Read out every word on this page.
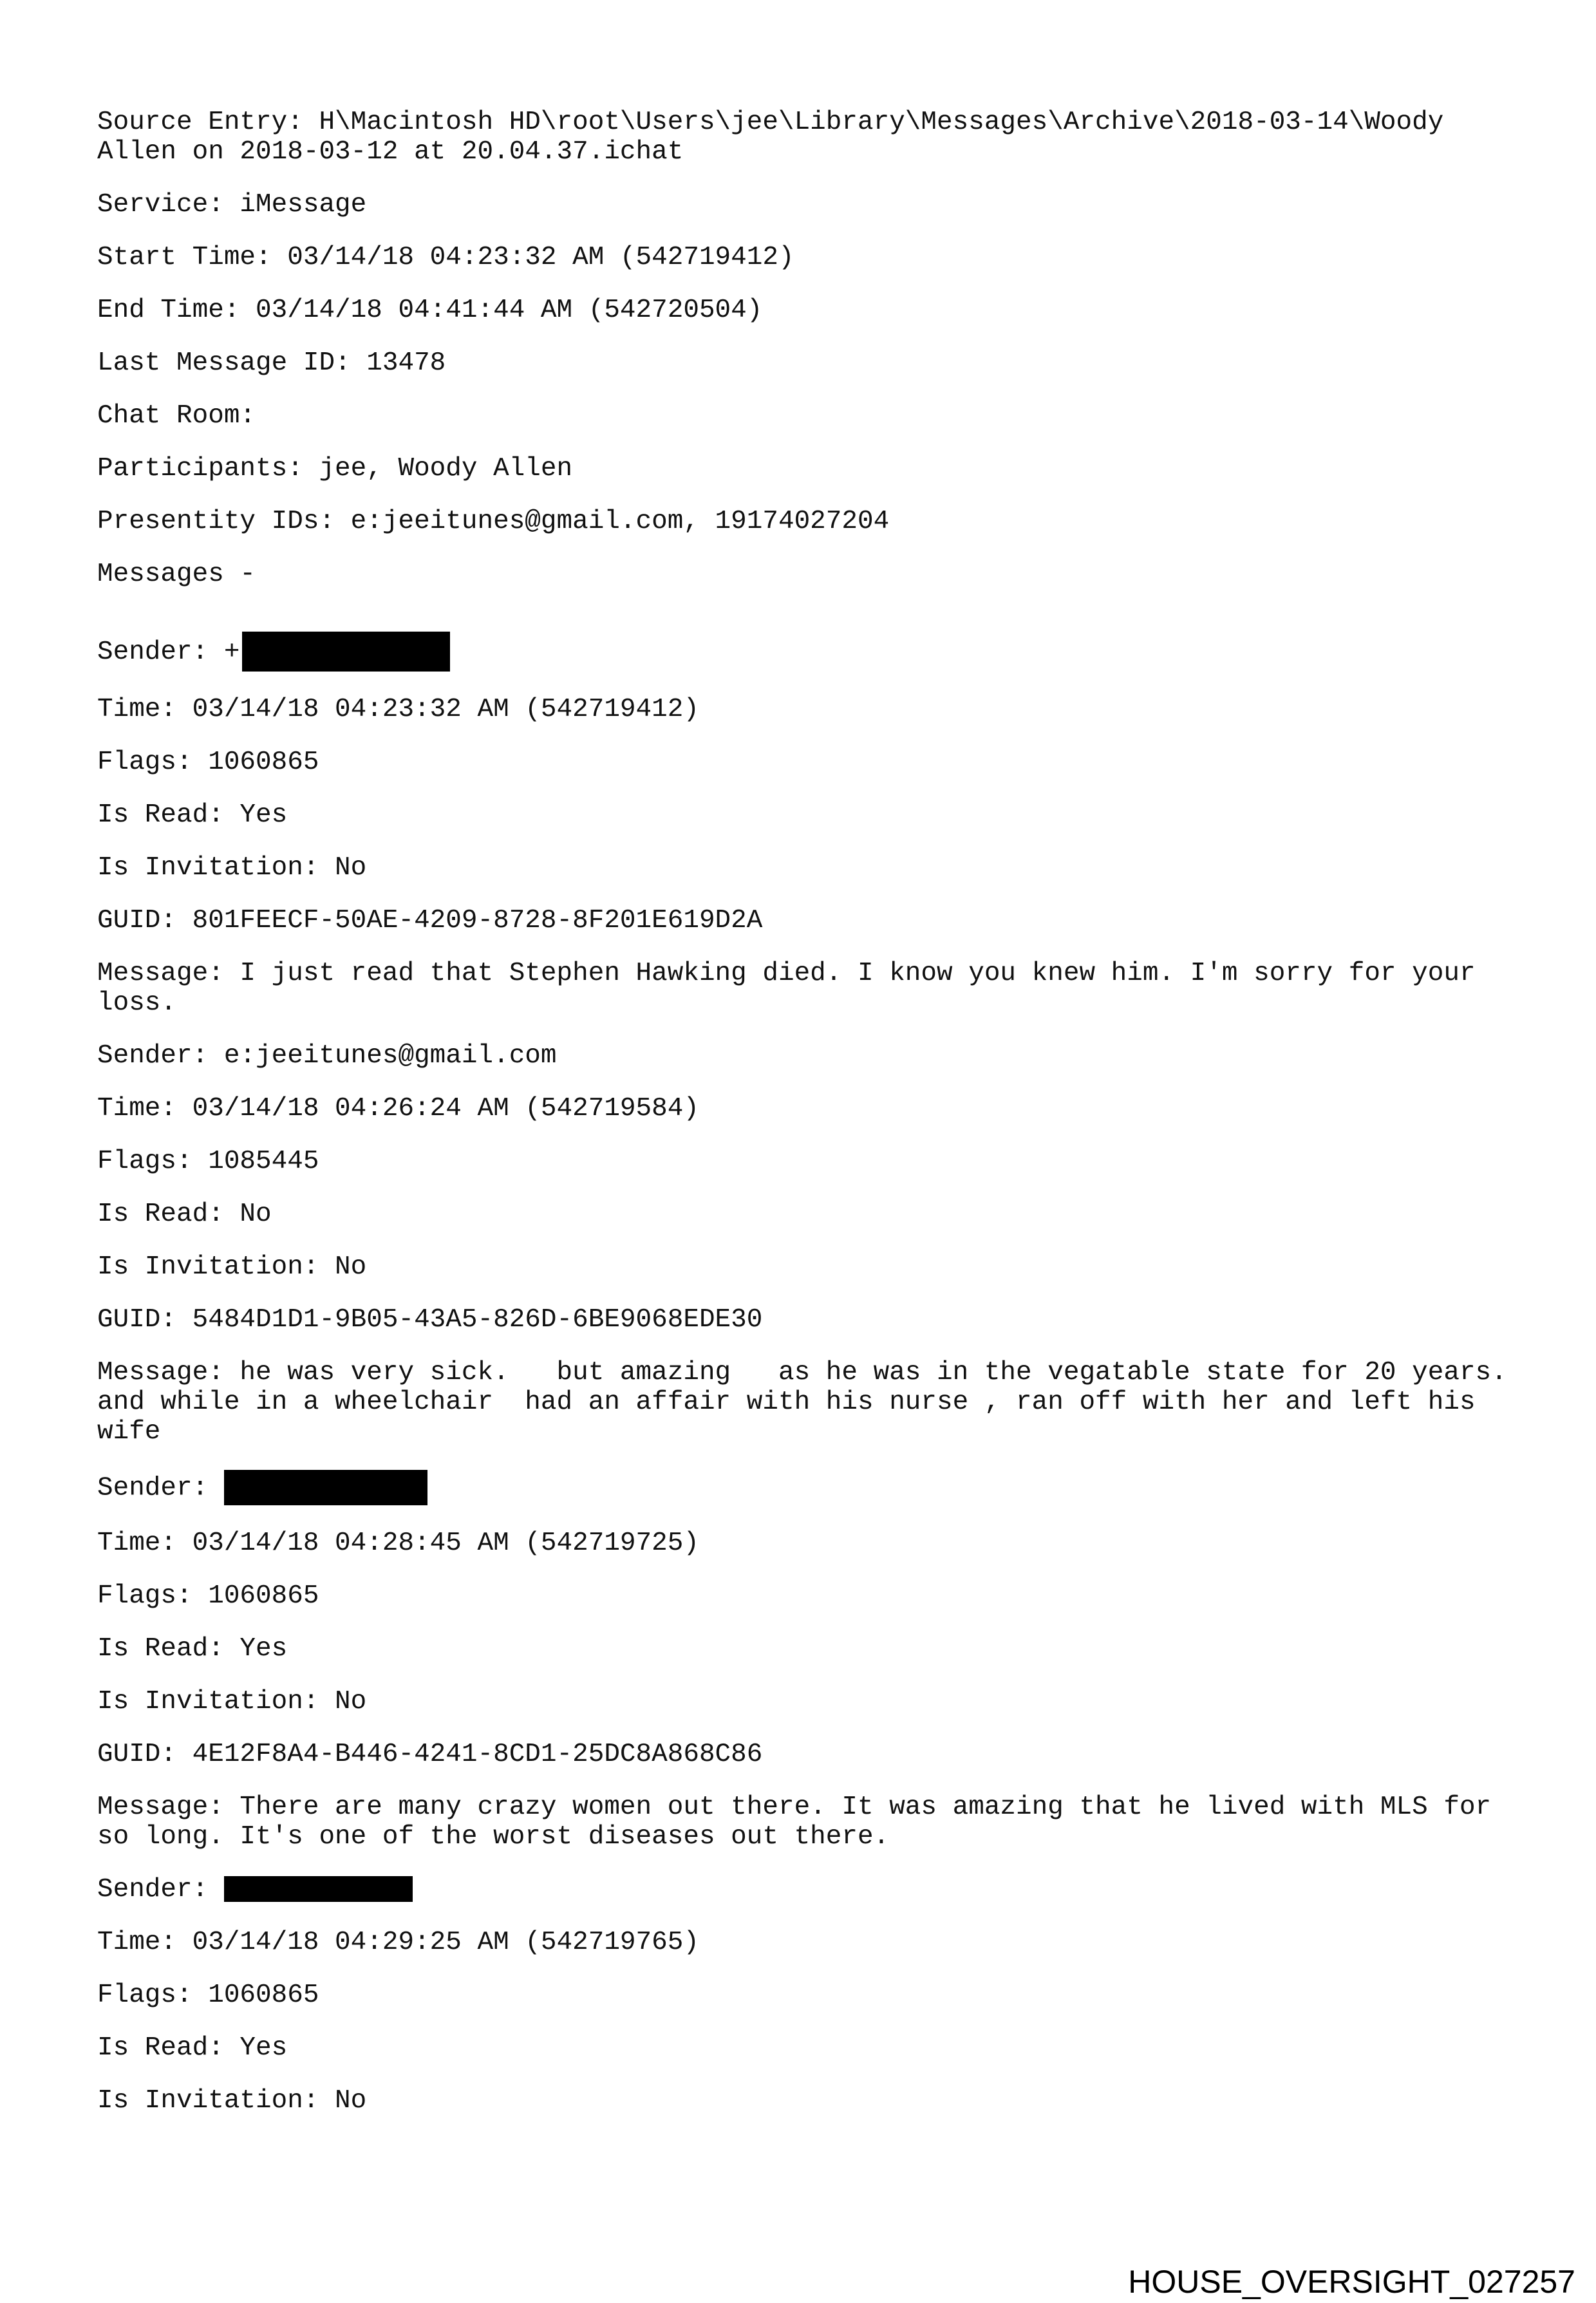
Source Entry: H\Macintosh HD\root\Users\jee\Library\Messages\Archive\2018-03-14\Woody Allen on 2018-03-12 at 20.04.37.ichat

Service: iMessage

Start Time: 03/14/18 04:23:32 AM (542719412)

End Time: 03/14/18 04:41:44 AM (542720504)

Last Message ID: 13478

Chat Room:

Participants: jee, Woody Allen

Presentity IDs: e:jeeitunes@gmail.com, 19174027204

Messages -

Sender: +

Time: 03/14/18 04:23:32 AM (542719412)

Flags: 1060865

Is Read: Yes

Is Invitation: No

GUID: 801FEECF-50AE-4209-8728-8F201E619D2A

Message: I just read that Stephen Hawking died. I know you knew him. I'm sorry for your loss.

Sender: e:jeeitunes@gmail.com

Time: 03/14/18 04:26:24 AM (542719584)

Flags: 1085445

Is Read: No

Is Invitation: No

GUID: 5484D1D1-9B05-43A5-826D-6BE9068EDE30

Message: he was very sick.   but amazing   as he was in the vegatable state for 20 years.   and while in a wheelchair  had an affair with his nurse , ran off with her and left his wife

Sender:

Time: 03/14/18 04:28:45 AM (542719725)

Flags: 1060865

Is Read: Yes

Is Invitation: No

GUID: 4E12F8A4-B446-4241-8CD1-25DC8A868C86

Message: There are many crazy women out there. It was amazing that he lived with MLS for so long. It's one of the worst diseases out there.

Sender:

Time: 03/14/18 04:29:25 AM (542719765)

Flags: 1060865

Is Read: Yes

Is Invitation: No

HOUSE_OVERSIGHT_027257
